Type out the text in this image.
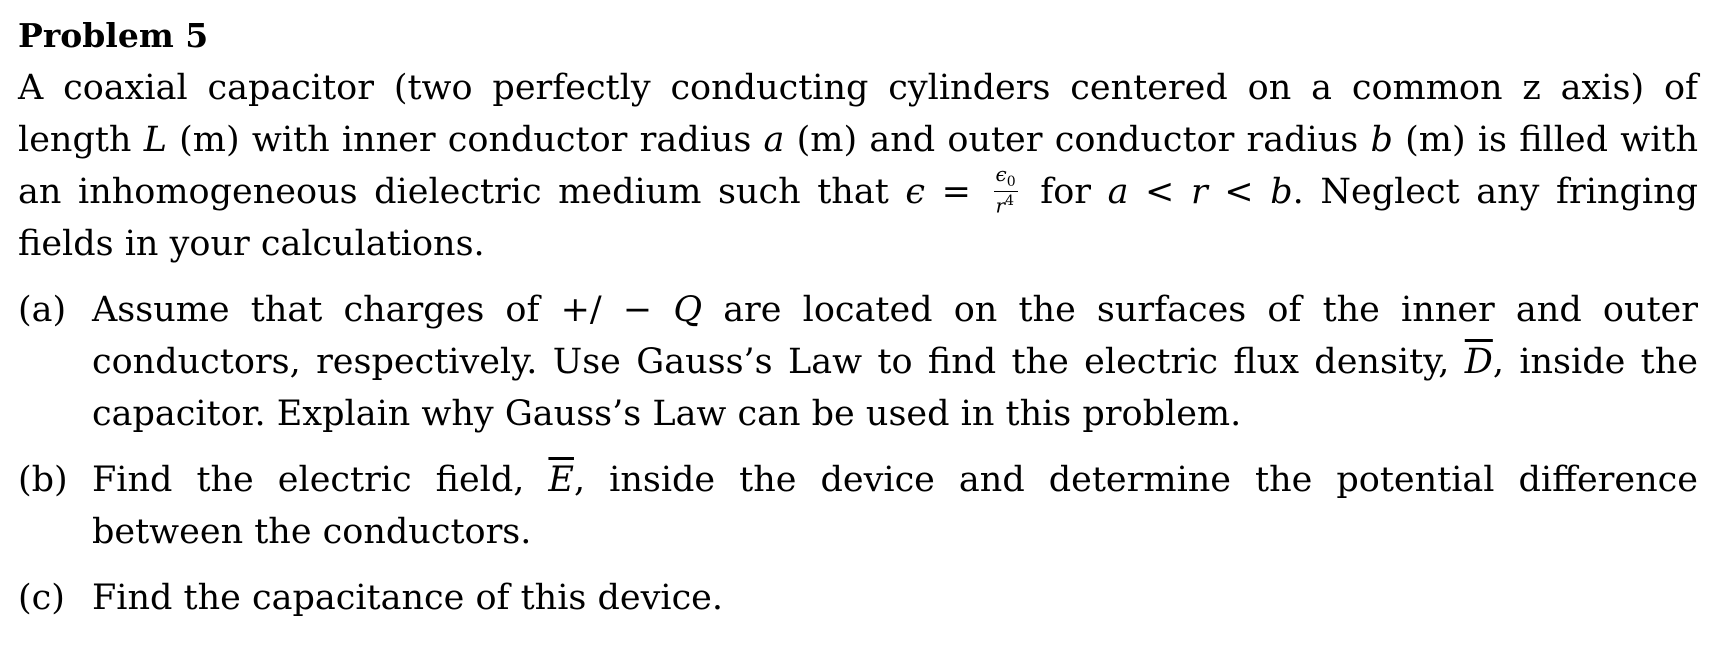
Problem 5

A coaxial capacitor (two perfectly conducting cylinders centered on a common z axis) of length L (m) with inner conductor radius a (m) and outer conductor radius b (m) is filled with an inhomogeneous dielectric medium such that $\epsilon = \frac{\epsilon_0}{r^4}$ for a < r < b. Neglect any fringing fields in your calculations.

(a) Assume that charges of +/ − Q are located on the surfaces of the inner and outer conductors, respectively. Use Gauss’s Law to find the electric flux density, $\overline{D}$, inside the capacitor. Explain why Gauss’s Law can be used in this problem.
(b) Find the electric field, $\overline{E}$, inside the device and determine the potential difference between the conductors.
(c) Find the capacitance of this device.
